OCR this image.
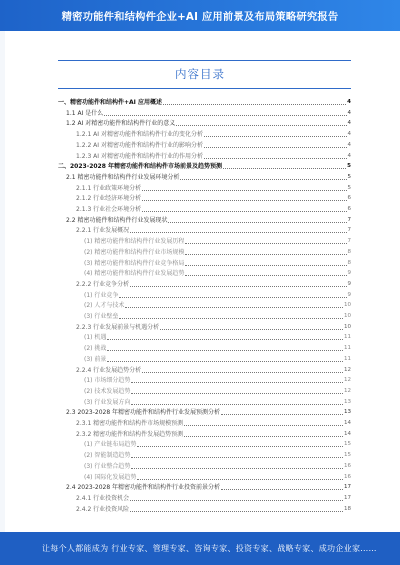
精密功能件和结构件企业+AI 应用前景及布局策略研究报告
内容目录
一、精密功能件和结构件+AI 应用概述	4
1.1 AI 是什么	4
1.2 AI 对精密功能件和结构件行业的意义	4
1.2.1 AI 对精密功能件和结构件行业的变化分析	4
1.2.2 AI 对精密功能件和结构件行业的影响分析	4
1.2.3 AI 对精密功能件和结构件行业的作用分析	4
二、2023-2028 年精密功能件和结构件市场前景及趋势预测	5
2.1 精密功能件和结构件行业发展环境分析	5
2.1.1 行业政策环境分析	5
2.1.2 行业经济环境分析	6
2.1.3 行业社会环境分析	6
2.2 精密功能件和结构件行业发展现状	7
2.2.1 行业发展概况	7
(1) 精密功能件和结构件行业发展历程	7
(2) 精密功能件和结构件行业市场规模	8
(3) 精密功能件和结构件行业竞争格局	8
(4) 精密功能件和结构件行业发展趋势	9
2.2.2 行业竞争分析	9
(1) 行业竞争	9
(2) 人才与技术	10
(3) 行业壁垒	10
2.2.3 行业发展前景与机遇分析	10
(1) 机遇	11
(2) 挑战	11
(3) 前景	11
2.2.4 行业发展趋势分析	12
(1) 市场细分趋势	12
(2) 技术发展趋势	12
(3) 行业发展方向	13
2.3 2023-2028 年精密功能件和结构件行业发展预测分析	13
2.3.1 精密功能件和结构件市场规模预测	14
2.3.2 精密功能件和结构件发展趋势预测	14
(1) 产业链布局趋势	15
(2) 智能制造趋势	15
(3) 行业整合趋势	16
(4) 国际化发展趋势	16
2.4 2023-2028 年精密功能件和结构件行业投资前景分析	17
2.4.1 行业投资机会	17
2.4.2 行业投资风险	18
让每个人都能成为 行业专家、管理专家、咨询专家、投资专家、战略专家、成功企业家……
